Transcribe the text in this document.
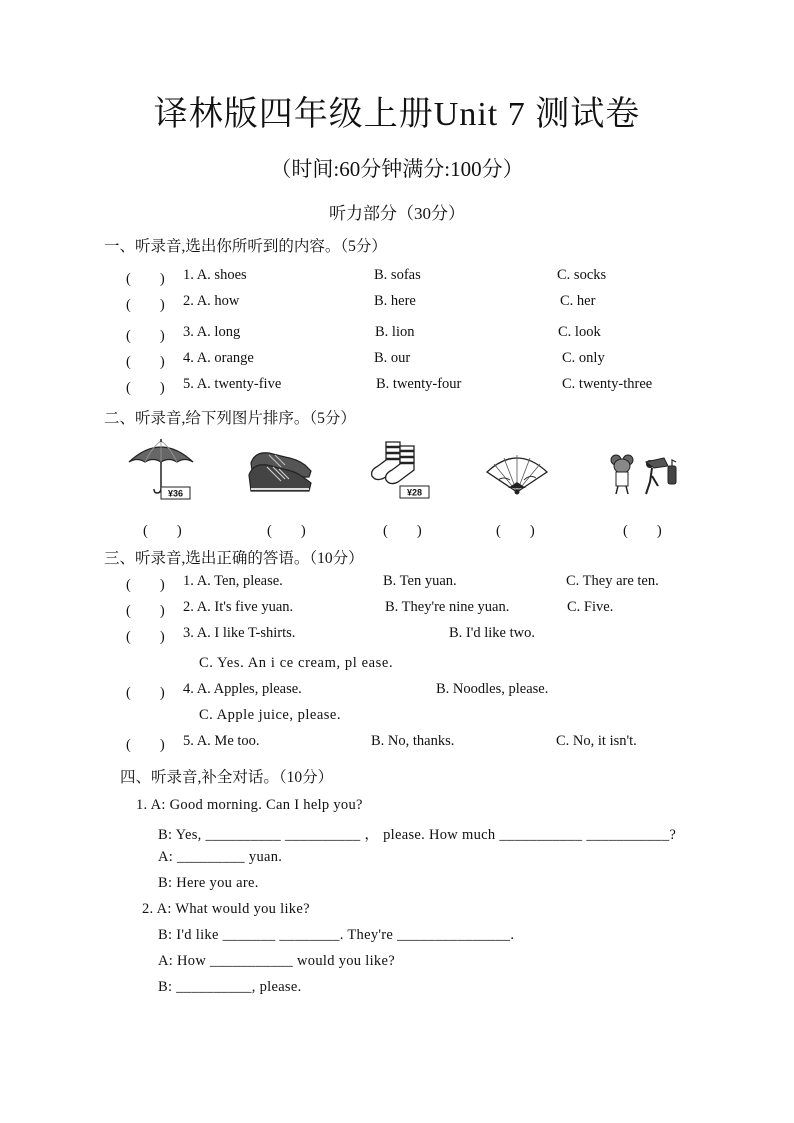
译林版四年级上册Unit 7 测试卷
（时间:60分钟满分:100分）
听力部分（30分）
一、听录音,选出你所听到的内容。（5分）
(　　) 1. A. shoes	B. sofas	C. socks
(　　) 2. A. how	B. here	C. her
(　　) 3. A. long	B. lion	C. look
(　　) 4. A. orange	B. our	C. only
(　　) 5. A. twenty-five	B. twenty-four	C. twenty-three
二、听录音,给下列图片排序。（5分）
¥36	¥28
(　　)	(　　)	(　　)	(　　)	(　　)
三、听录音,选出正确的答语。（10分）
(　　) 1. A. Ten, please.	B. Ten yuan.	C. They are ten.
(　　) 2. A. It's five yuan.	B. They're nine yuan.	C. Five.
(　　) 3. A. I like T-shirts.	B. I'd like two.
C. Yes. An i ce cream, pl ease.
(　　) 4. A. Apples, please.	B. Noodles, please.
C. Apple juice, please.
(　　) 5. A. Me too.	B. No, thanks.	C. No, it isn't.
四、听录音,补全对话。（10分）
1. A: Good morning. Can I help you?
B: Yes, __________ __________ ， please. How much ___________ ___________?
A: _________ yuan.
B: Here you are.
2. A: What would you like?
B: I'd like _______ ________. They're _______________.
A: How ___________ would you like?
B: __________, please.
